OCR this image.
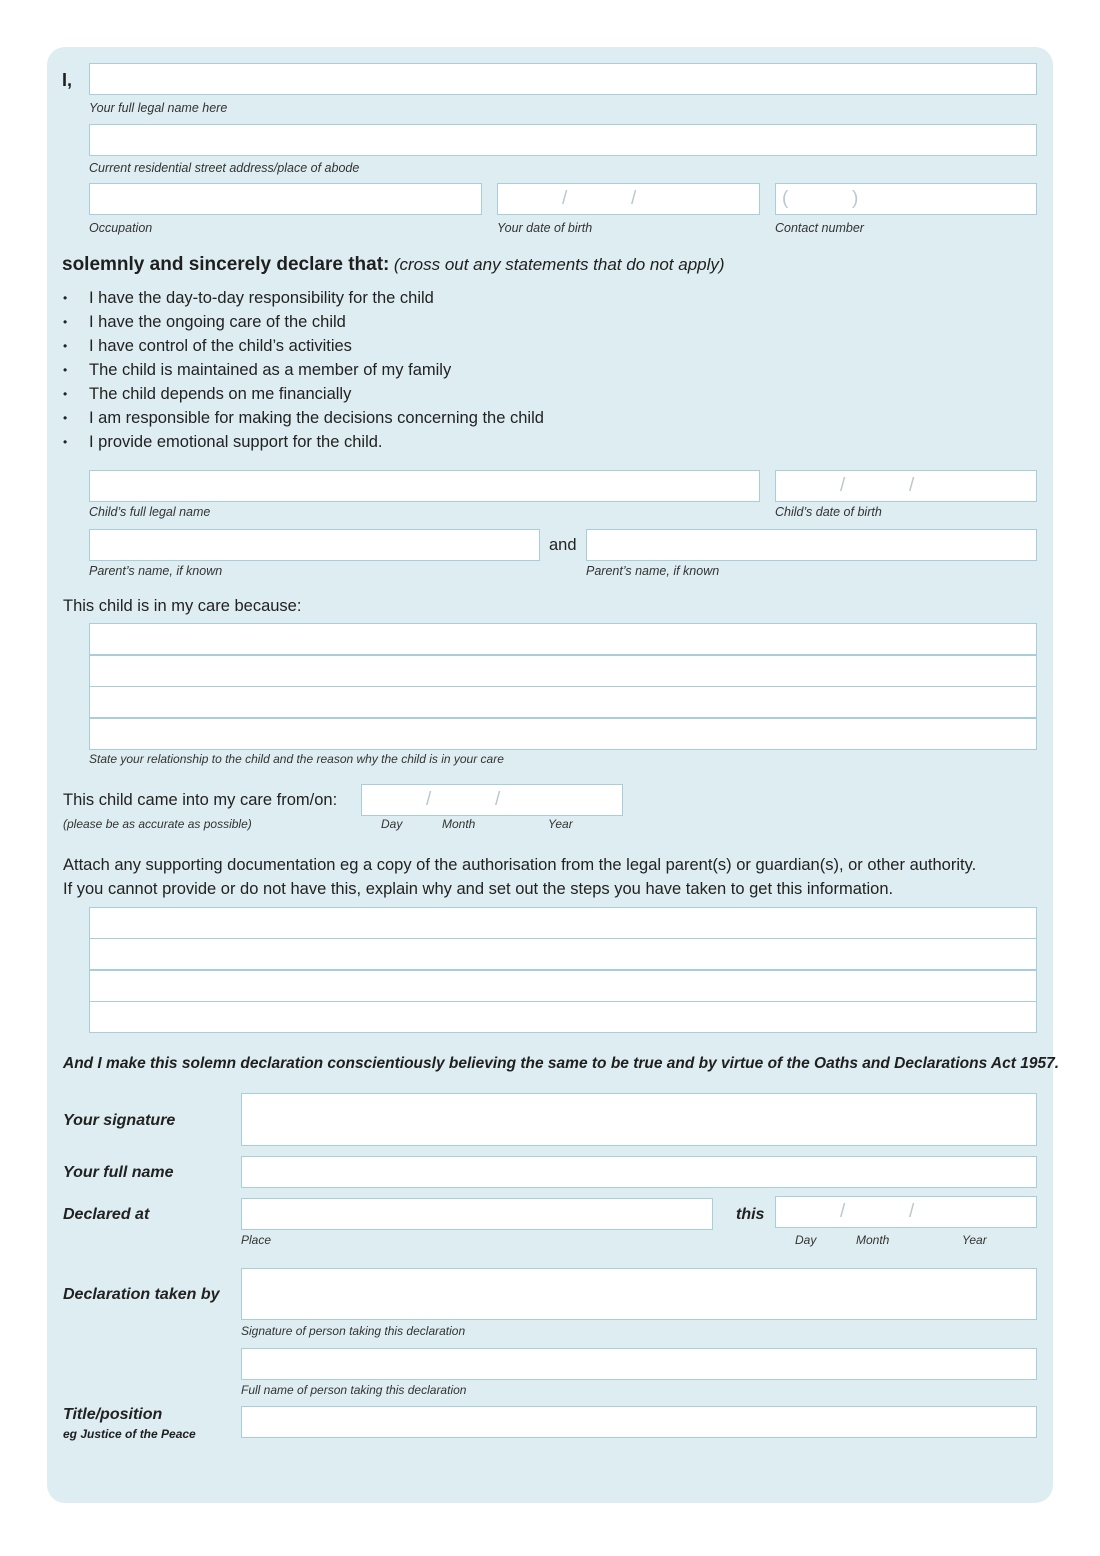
I,
Your full legal name here
Current residential street address/place of abode
Occupation
/	/
Your date of birth
(	)
Contact number
solemnly and sincerely declare that: (cross out any statements that do not apply)
• I have the day-to-day responsibility for the child
• I have the ongoing care of the child
• I have control of the child’s activities
• The child is maintained as a member of my family
• The child depends on me financially
• I am responsible for making the decisions concerning the child
• I provide emotional support for the child.
Child’s full legal name
/	/
Child’s date of birth
and
Parent’s name, if known	Parent’s name, if known
This child is in my care because:
State your relationship to the child and the reason why the child is in your care
This child came into my care from/on:
(please be as accurate as possible)
/	/
Day	Month	Year
Attach any supporting documentation eg a copy of the authorisation from the legal parent(s) or guardian(s), or other authority.
If you cannot provide or do not have this, explain why and set out the steps you have taken to get this information.
And I make this solemn declaration conscientiously believing the same to be true and by virtue of the Oaths and Declarations Act 1957.
Your signature
Your full name
Declared at
Place
this	/	/
Day	Month	Year
Declaration taken by
Signature of person taking this declaration
Full name of person taking this declaration
Title/position
eg Justice of the Peace
